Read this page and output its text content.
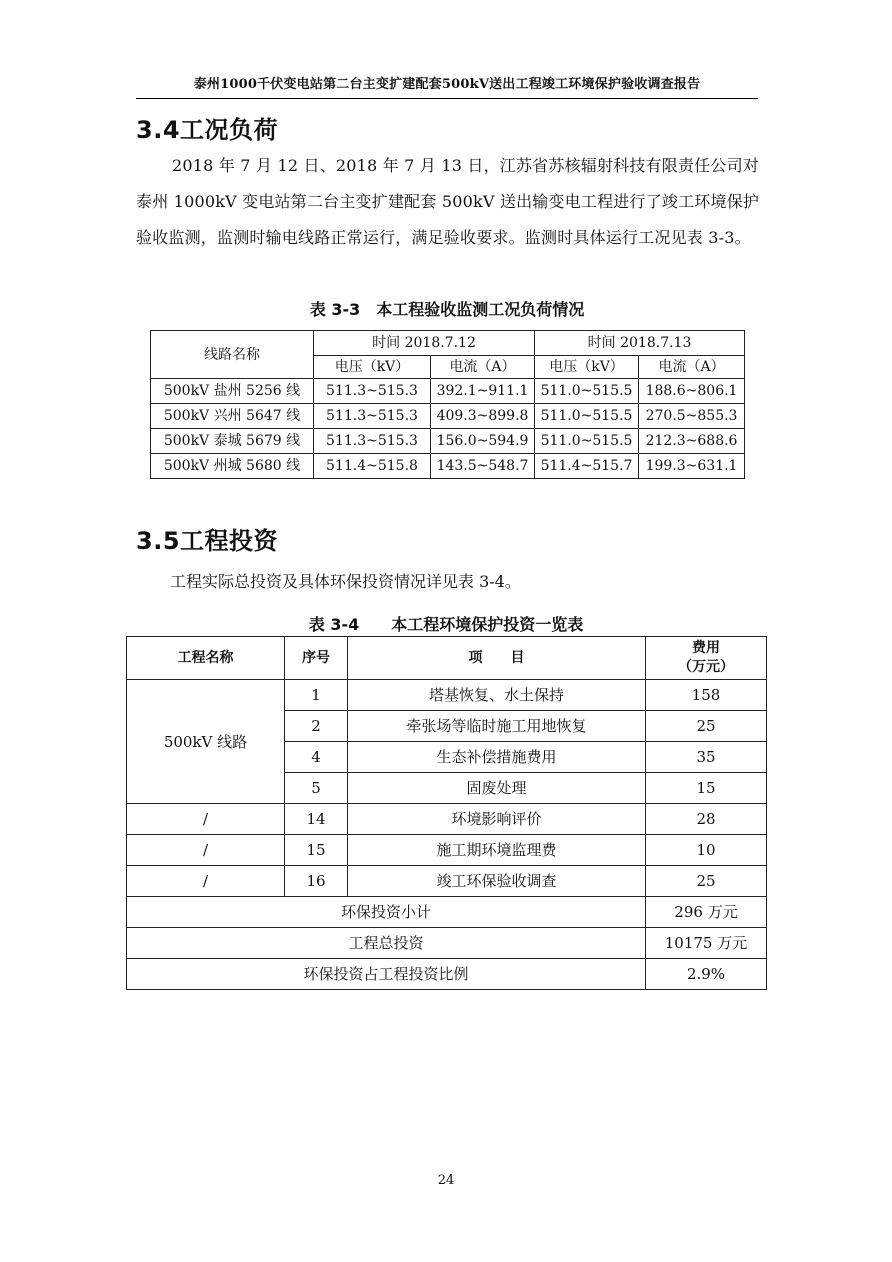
泰州1000千伏变电站第二台主变扩建配套500kV送出工程竣工环境保护验收调查报告
3.4工况负荷
2018 年 7 月 12 日、2018 年 7 月 13 日，江苏省苏核辐射科技有限责任公司对泰州 1000kV 变电站第二台主变扩建配套 500kV 送出输变电工程进行了竣工环境保护验收监测，监测时输电线路正常运行，满足验收要求。监测时具体运行工况见表 3-3。
表 3-3　本工程验收监测工况负荷情况
线路名称	时间 2018.7.12		时间 2018.7.13	
	电压（kV）	电流（A）	电压（kV）	电流（A）
500kV 盐州 5256 线	511.3~515.3	392.1~911.1	511.0~515.5	188.6~806.1
500kV 兴州 5647 线	511.3~515.3	409.3~899.8	511.0~515.5	270.5~855.3
500kV 泰城 5679 线	511.3~515.3	156.0~594.9	511.0~515.5	212.3~688.6
500kV 州城 5680 线	511.4~515.8	143.5~548.7	511.4~515.7	199.3~631.1
3.5工程投资
工程实际总投资及具体环保投资情况详见表 3-4。
表 3-4　　本工程环境保护投资一览表
工程名称	序号	项　　目	费用
（万元）

500kV 线路	1	塔基恢复、水土保持	158
	2	牵张场等临时施工用地恢复	25
	4	生态补偿措施费用	35
	5	固废处理	15
/	14	环境影响评价	28
/	15	施工期环境监理费	10
/	16	竣工环保验收调查	25
环保投资小计			296 万元
工程总投资			10175 万元
环保投资占工程投资比例			2.9%
24
